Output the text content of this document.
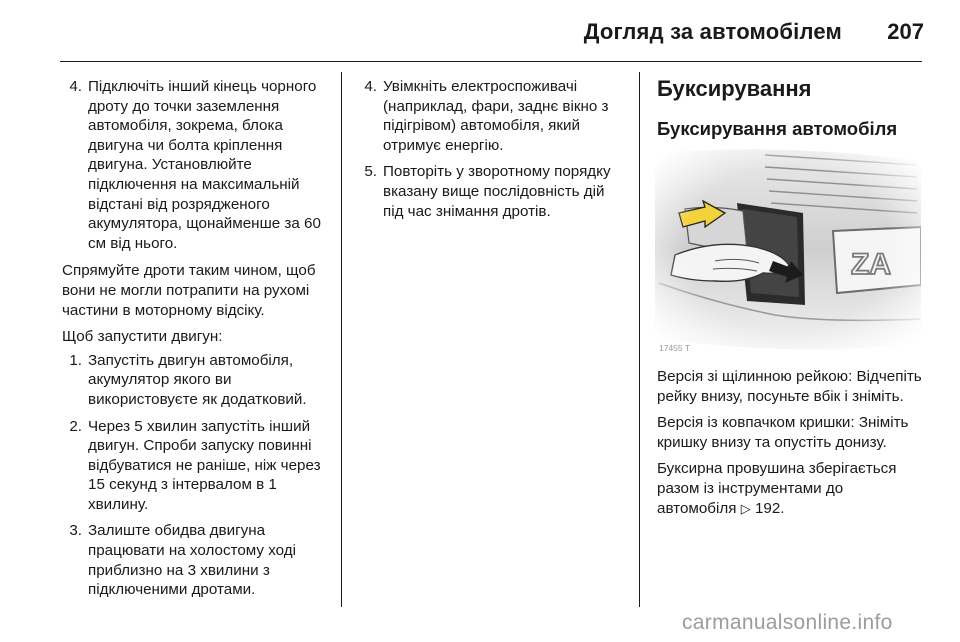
Догляд за автомобілем	207
4. Підключіть інший кінець чорного дроту до точки заземлення автомобіля, зокрема, блока двигуна чи болта кріплення двигуна. Установлюйте підключення на максимальній відстані від розрядженого акумулятора, щонайменше за 60 см від нього.

Спрямуйте дроти таким чином, щоб вони не могли потрапити на рухомі частини в моторному відсіку.

Щоб запустити двигун:

1. Запустіть двигун автомобіля, акумулятор якого ви використовуєте як додатковий.
2. Через 5 хвилин запустіть інший двигун. Спроби запуску повинні відбуватися не раніше, ніж через 15 секунд з інтервалом в 1 хвилину.
3. Залиште обидва двигуна працювати на холостому ході приблизно на 3 хвилини з підключеними дротами.
4. Увімкніть електроспоживачі (наприклад, фари, заднє вікно з підігрівом) автомобіля, який отримує енергію.
5. Повторіть у зворотному порядку вказану вище послідовність дій під час знімання дротів.
Буксирування
Буксирування автомобіля
17455 T

Версія зі щілинною рейкою: Відчепіть рейку внизу, посуньте вбік і зніміть.

Версія із ковпачком кришки: Зніміть кришку внизу та опустіть донизу.

Буксирна провушина зберігається разом із інструментами до
автомобіля ▷ 192.

carmanualsonline.info
